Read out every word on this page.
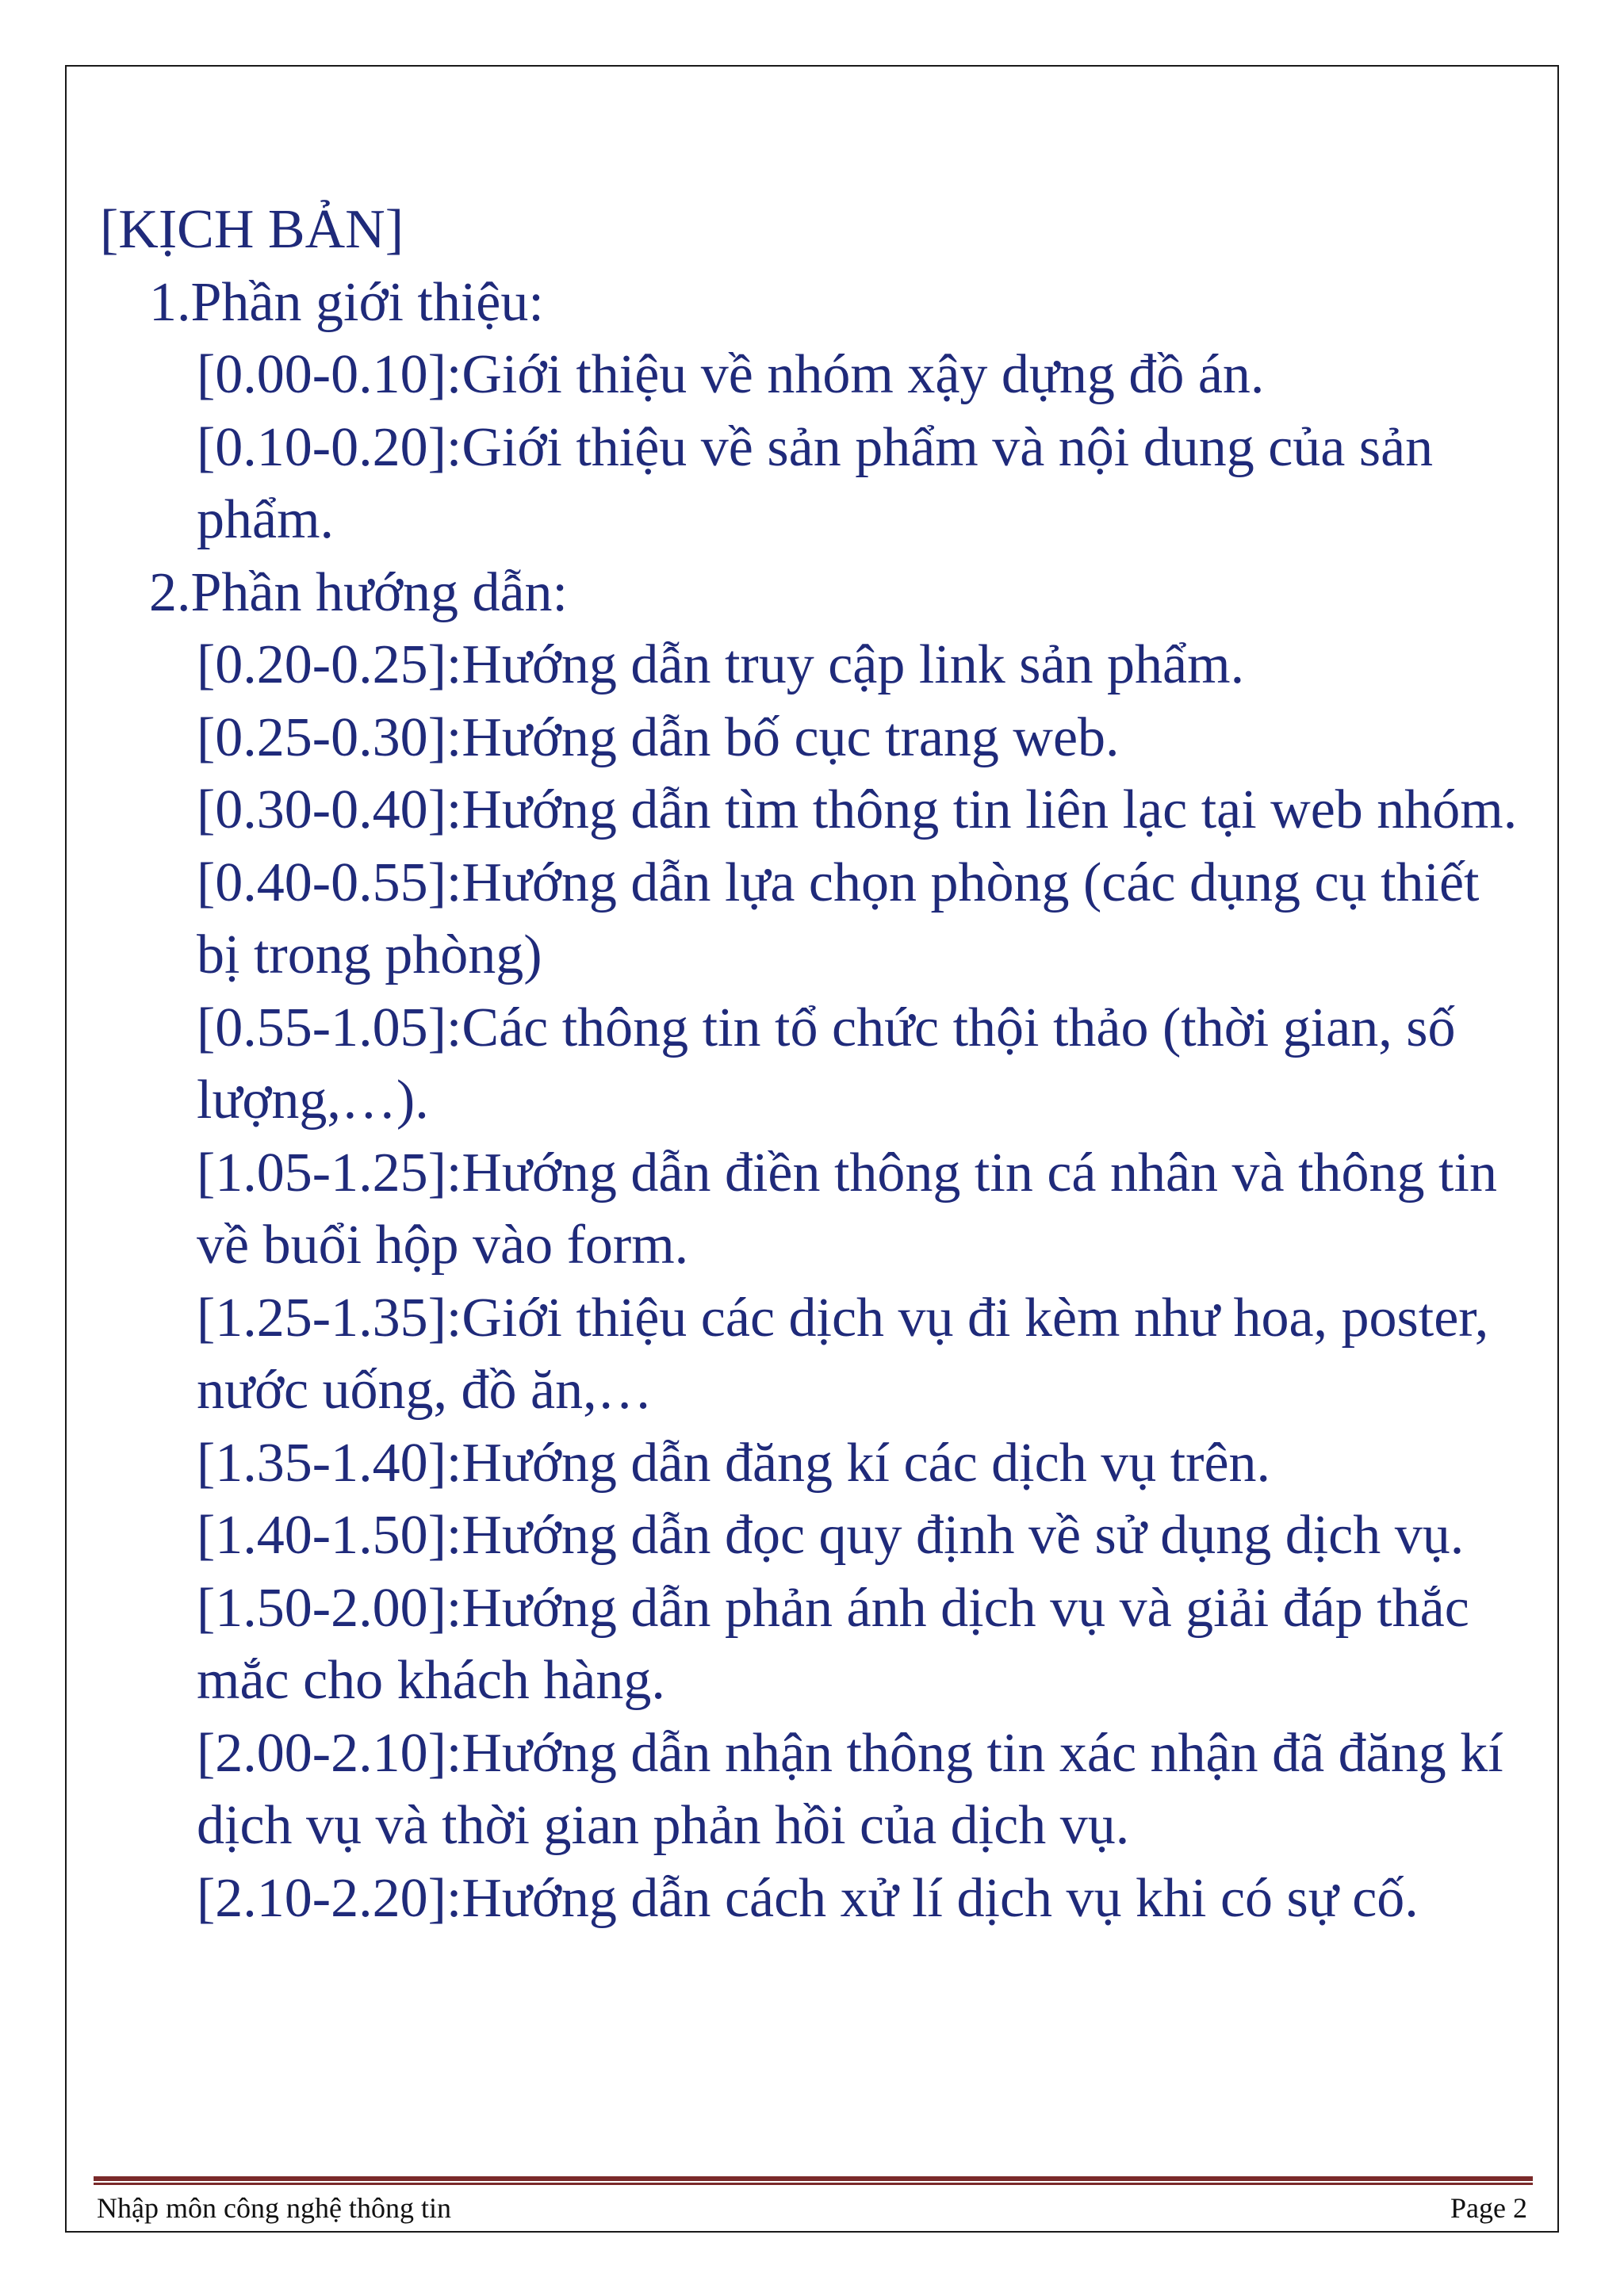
[KỊCH BẢN]
1.Phần giới thiệu:
[0.00-0.10]:Giới thiệu về nhóm xậy dựng đồ án.
[0.10-0.20]:Giới thiệu về sản phẩm và nội dung của sản phẩm.
2.Phần hướng dẫn:
[0.20-0.25]:Hướng dẫn truy cập link sản phẩm.
[0.25-0.30]:Hướng dẫn bố cục trang web.
[0.30-0.40]:Hướng dẫn tìm thông tin liên lạc tại web nhóm.
[0.40-0.55]:Hướng dẫn lựa chọn phòng (các dụng cụ thiết bị trong phòng)
[0.55-1.05]:Các thông tin tổ chức thội thảo (thời gian, số lượng,…).
[1.05-1.25]:Hướng dẫn điền thông tin cá nhân và thông tin về buổi hộp vào form.
[1.25-1.35]:Giới thiệu các dịch vụ đi kèm như hoa, poster, nước uống, đồ ăn,…
[1.35-1.40]:Hướng dẫn đăng kí các dịch vụ trên.
[1.40-1.50]:Hướng dẫn đọc quy định về sử dụng dịch vụ.
[1.50-2.00]:Hướng dẫn phản ánh dịch vụ và giải đáp thắc mắc cho khách hàng.
[2.00-2.10]:Hướng dẫn nhận thông tin xác nhận đã đăng kí dịch vụ và thời gian phản hồi của dịch vụ.
[2.10-2.20]:Hướng dẫn cách xử lí dịch vụ khi có sự cố.
Nhập môn công nghệ thông tin	Page 2
